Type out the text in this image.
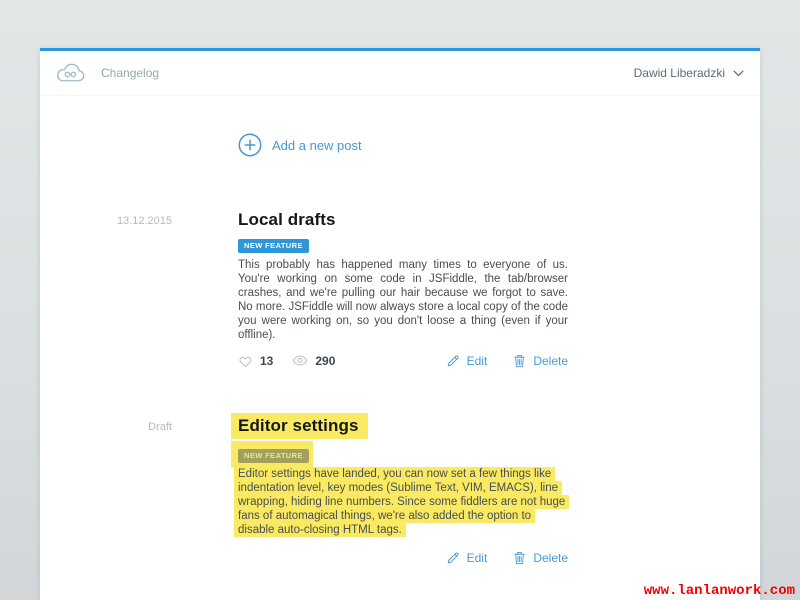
Changelog	Dawid Liberadzki
Add a new post
13.12.2015	Local drafts
NEW FEATURE

This probably has happened many times to everyone of us. You're working on some code in JSFiddle, the tab/browser crashes, and we're pulling our hair because we forgot to save. No more. JSFiddle will now always store a local copy of the code you were working on, so you don't loose a thing (even if your offline).

13	290	Edit	Delete
Draft	Editor settings
NEW FEATURE

Editor settings have landed, you can now set a few things like indentation level, key modes (Sublime Text, VIM, EMACS), line wrapping, hiding line numbers. Since some fiddlers are not huge fans of automagical things, we're also added the option to disable auto-closing HTML tags.

Edit	Delete
www.lanlanwork.com
